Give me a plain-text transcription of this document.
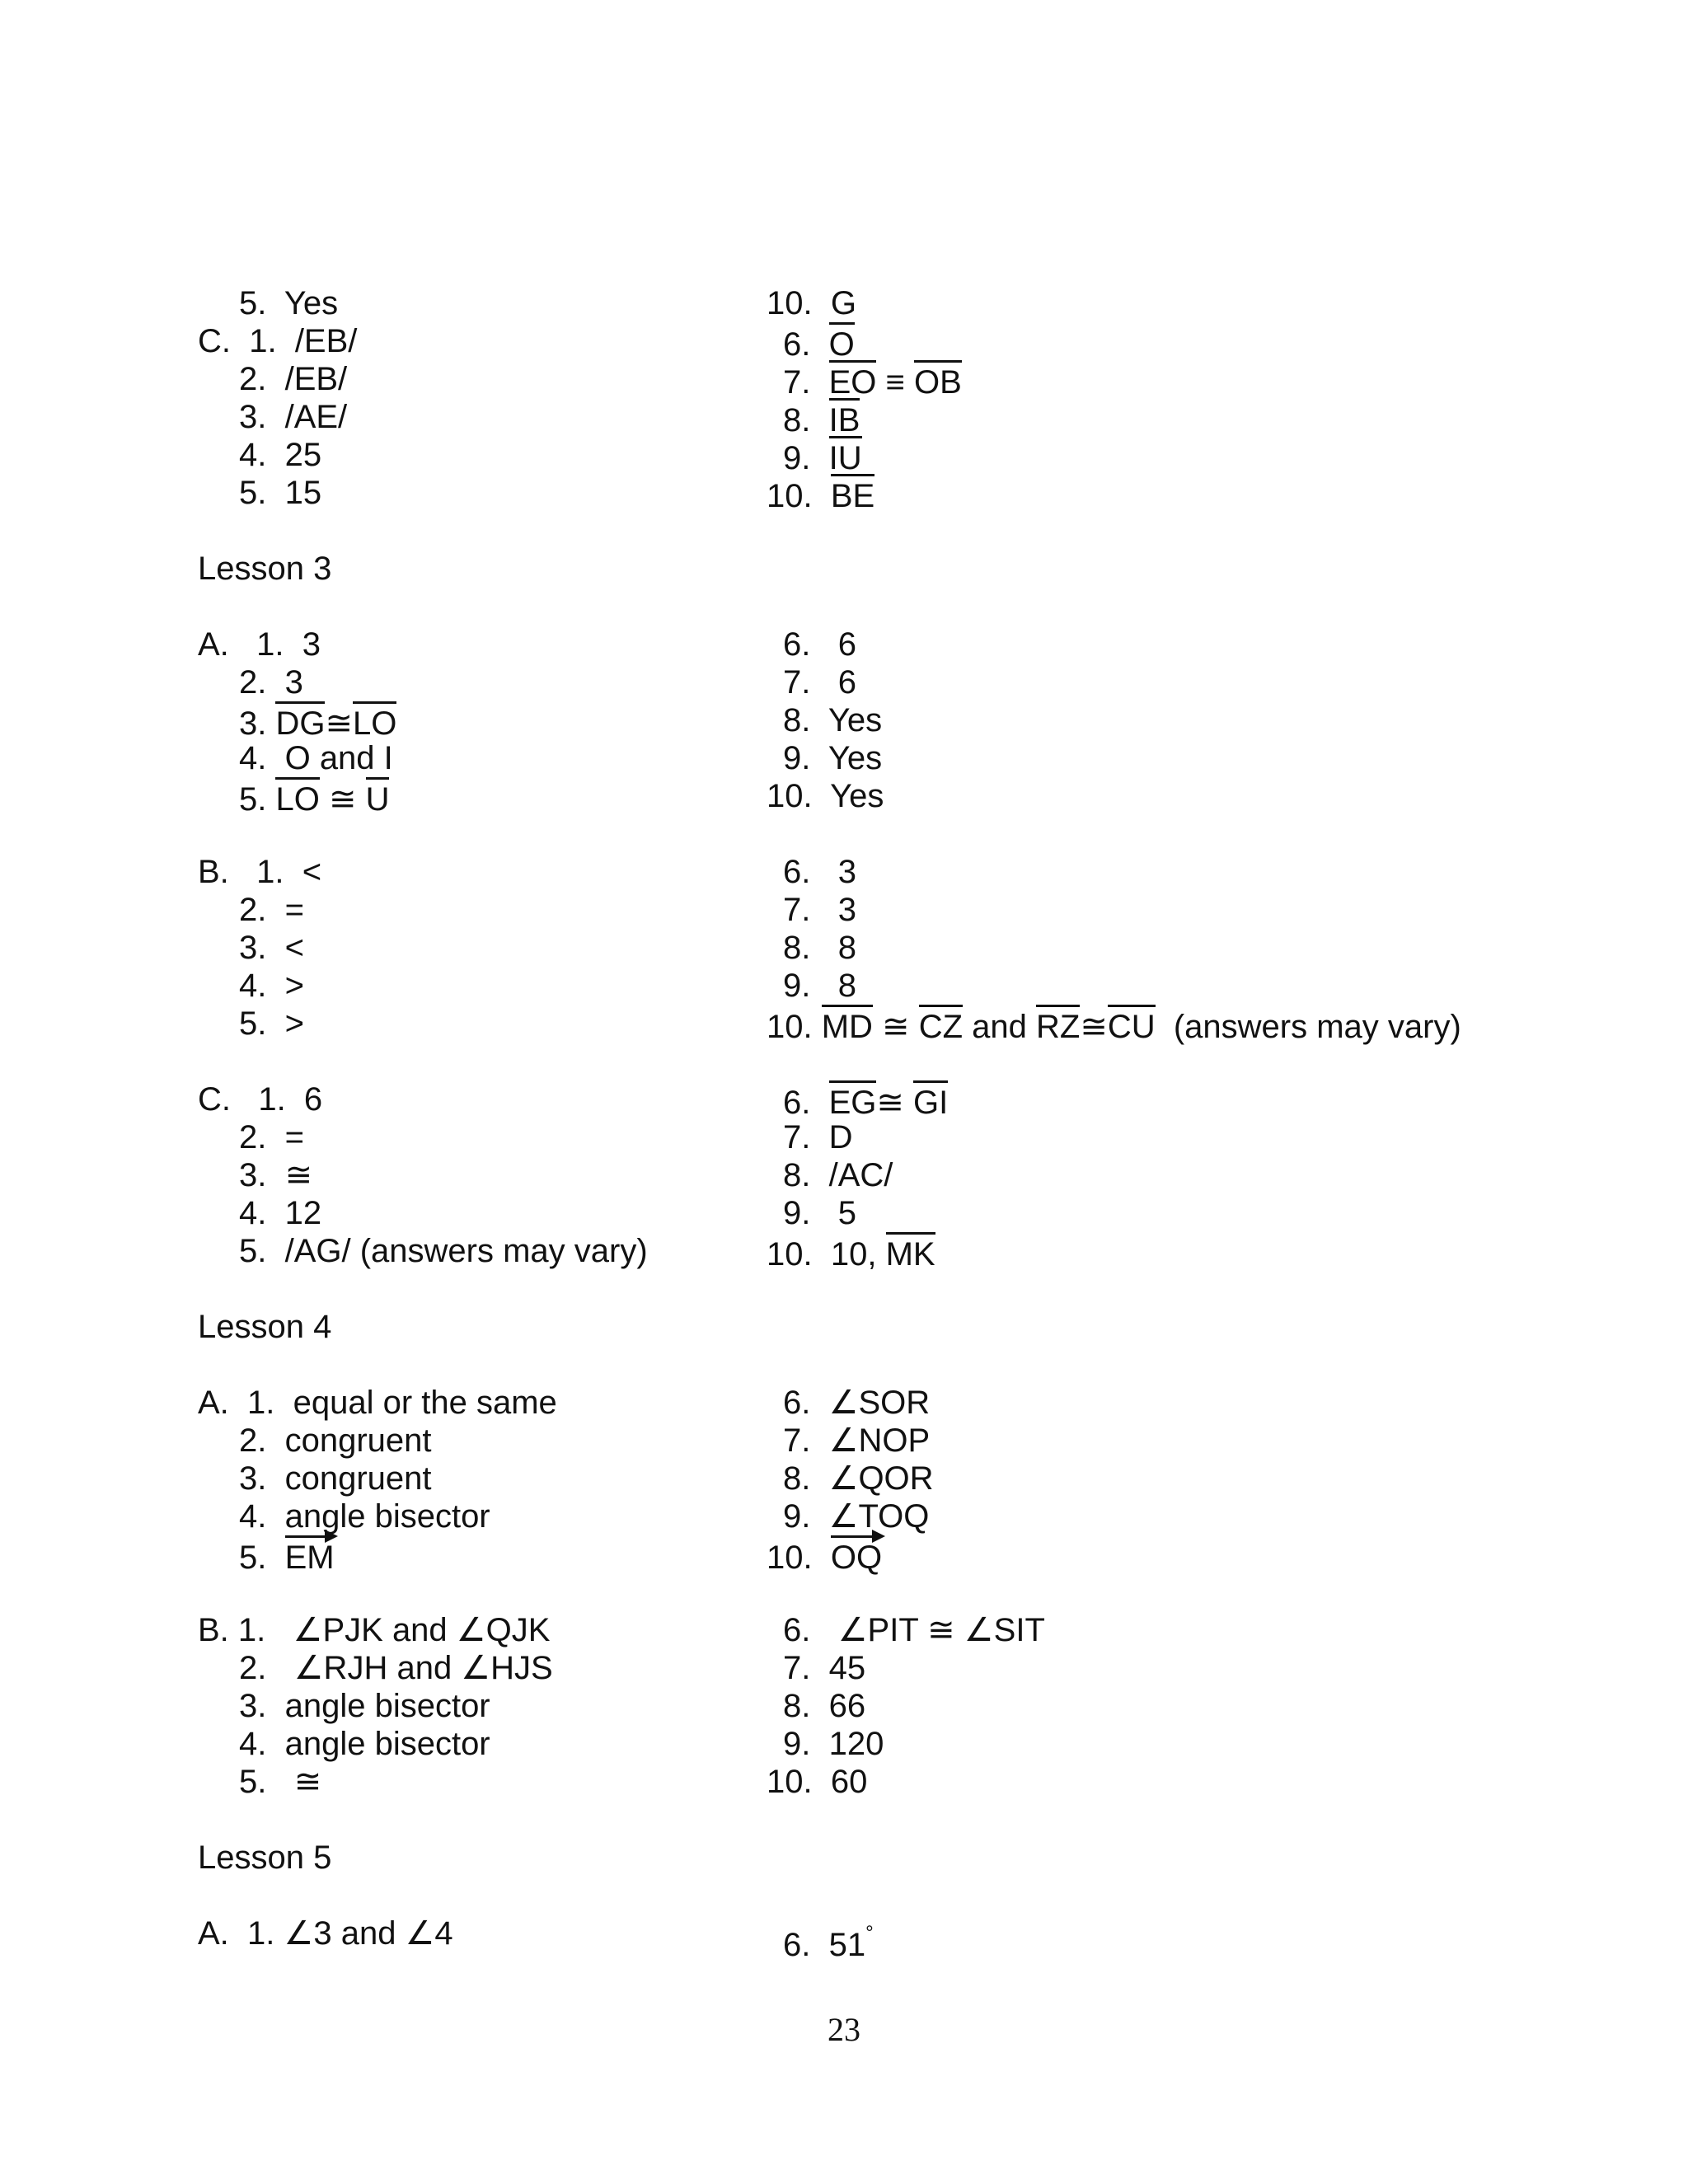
23
5.  Yes	10.  G
C.  1.  /EB/	6.  O
2.  /EB/	7.  EO ≡ OB
3.  /AE/	8.  IB
4.  25	9.  IU
5.  15	10.  BE
Lesson 3
A.   1.  3	6.   6
2.  3	7.   6
3. DG≅LO	8.  Yes
4.  O and I	9.  Yes
5. LO ≅ U	10.  Yes
B.   1.  <	6.   3
2.  =	7.   3
3.  <	8.   8
4.  >	9.   8
5.  >	10. MD ≅ CZ and RZ≅CU  (answers may vary)
C.   1.  6	6.  EG≅ GI
2.  =	7.  D
3.  ≅	8.  /AC/
4.  12	9.   5
5.  /AG/ (answers may vary)	10.  10, MK
Lesson 4
A.  1.  equal or the same	6.  ∠SOR
2.  congruent	7.  ∠NOP
3.  congruent	8.  ∠QOR
4.  angle bisector	9.  ∠TOQ
5.  EM	10.  OQ
B. 1.   ∠PJK and ∠QJK	6.   ∠PIT ≅ ∠SIT
2.   ∠RJH and ∠HJS	7.  45
3.  angle bisector	8.  66
4.  angle bisector	9.  120
5.   ≅	10.  60
Lesson 5
A.  1. ∠3 and ∠4	6.  51°
